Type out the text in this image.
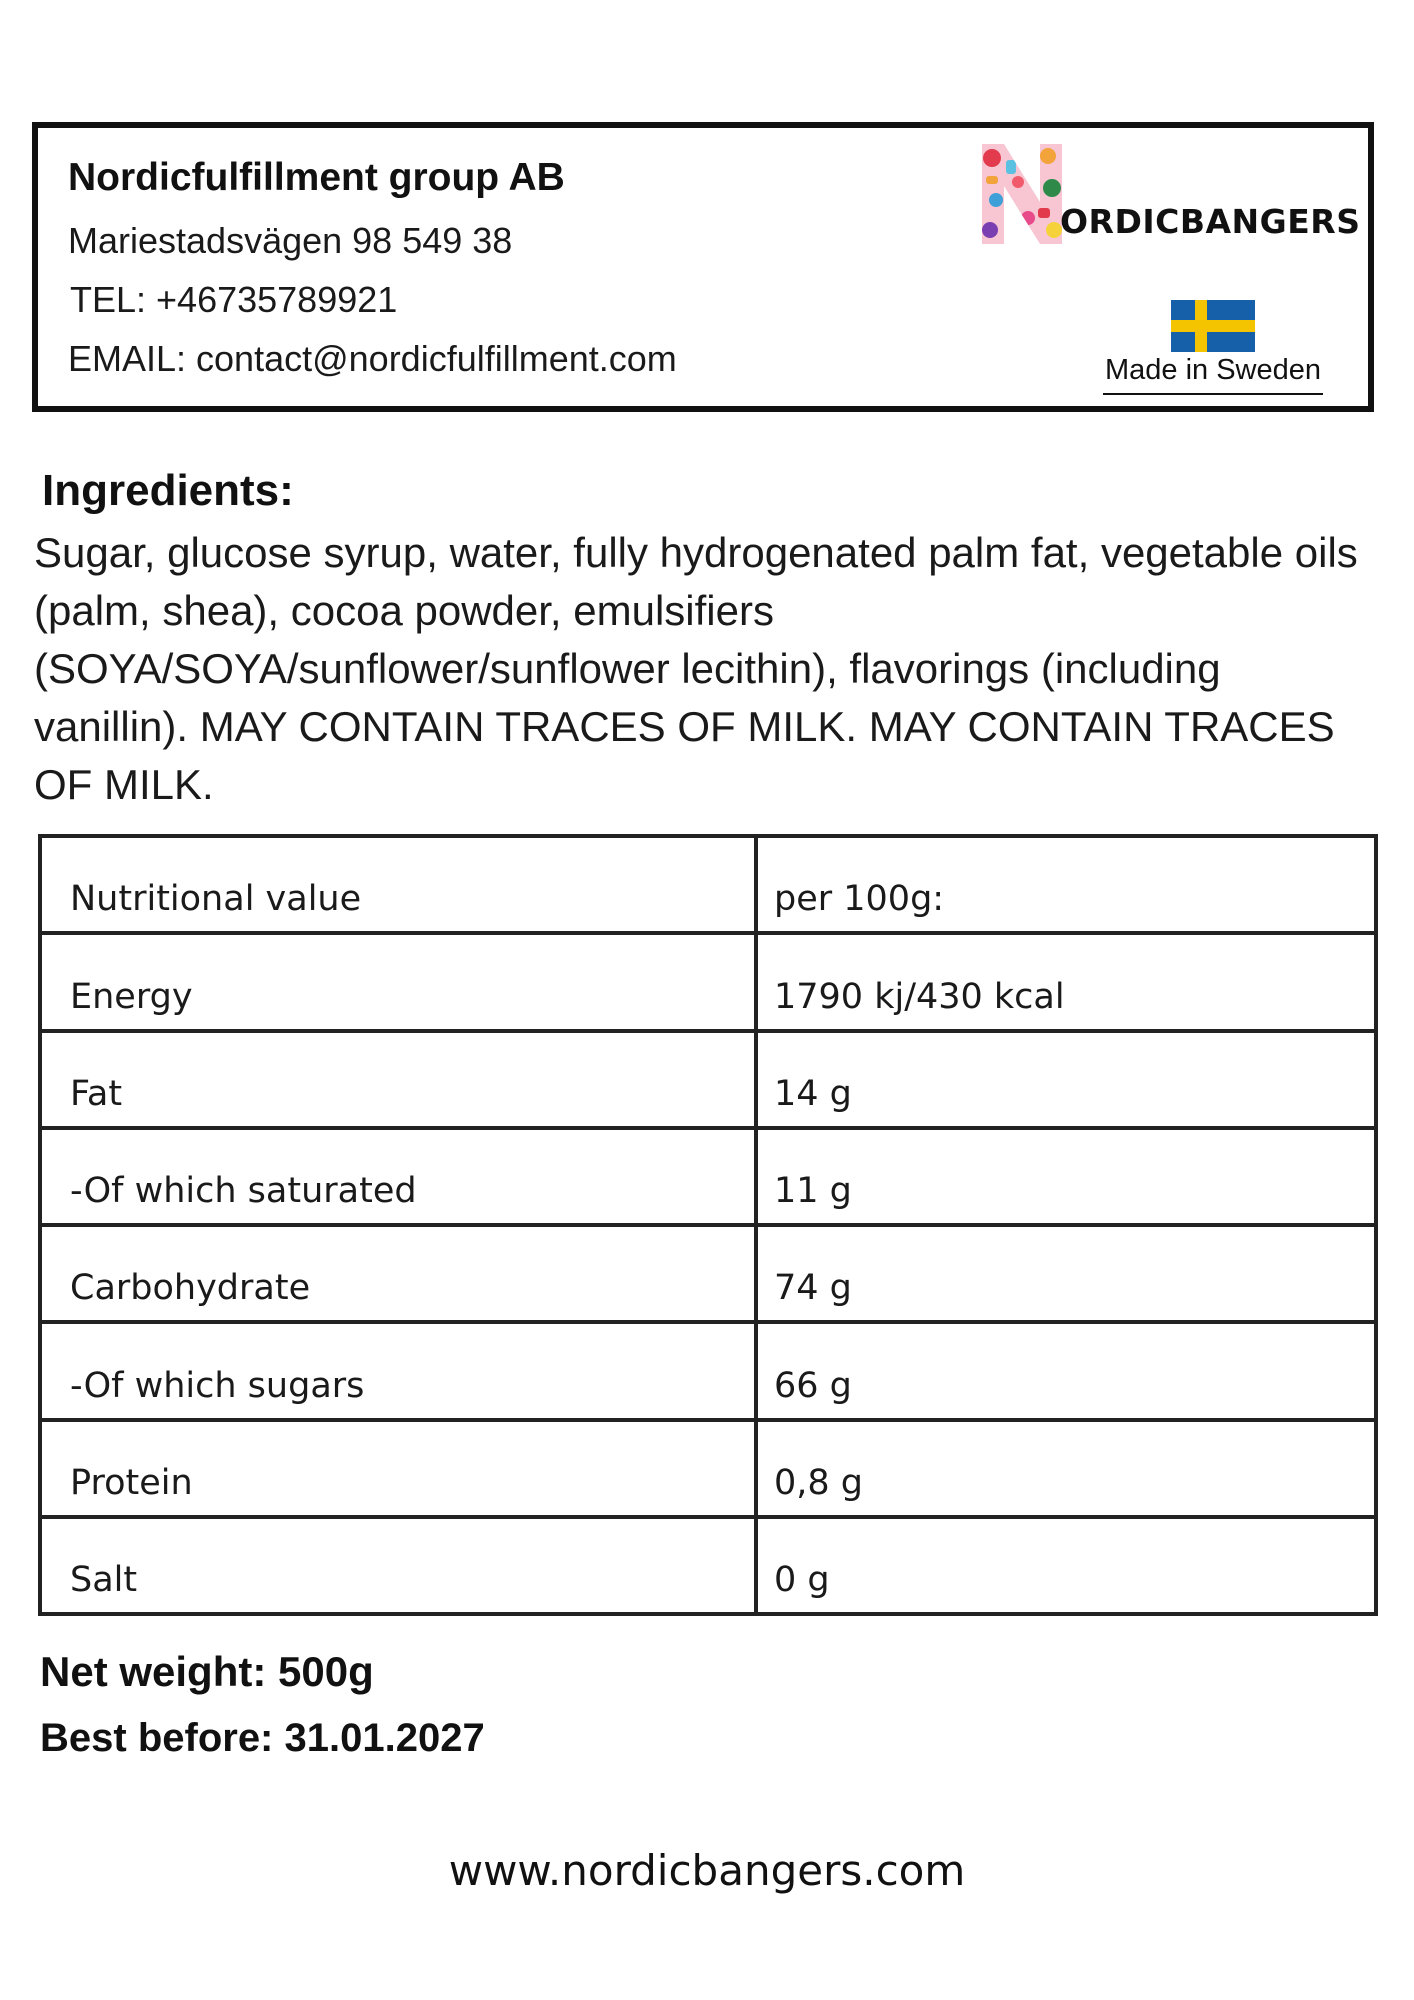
Nordicfulfillment group AB

Mariestadsvägen 98 549 38

TEL: +46735789921

EMAIL: contact@nordicfulfillment.com

ORDICBANGERS

Made in Sweden

Ingredients:

Sugar, glucose syrup, water, fully hydrogenated palm fat, vegetable oils (palm, shea), cocoa powder, emulsifiers (SOYA/SOYA/sunflower/sunflower lecithin), flavorings (including vanillin). MAY CONTAIN TRACES OF MILK. MAY CONTAIN TRACES OF MILK.

Nutritional value	per 100g:
Energy	1790 kj/430 kcal
Fat	14 g
-Of which saturated	11 g
Carbohydrate	74 g
-Of which sugars	66 g
Protein	0,8 g
Salt	0 g

Net weight: 500g

Best before: 31.01.2027

www.nordicbangers.com
